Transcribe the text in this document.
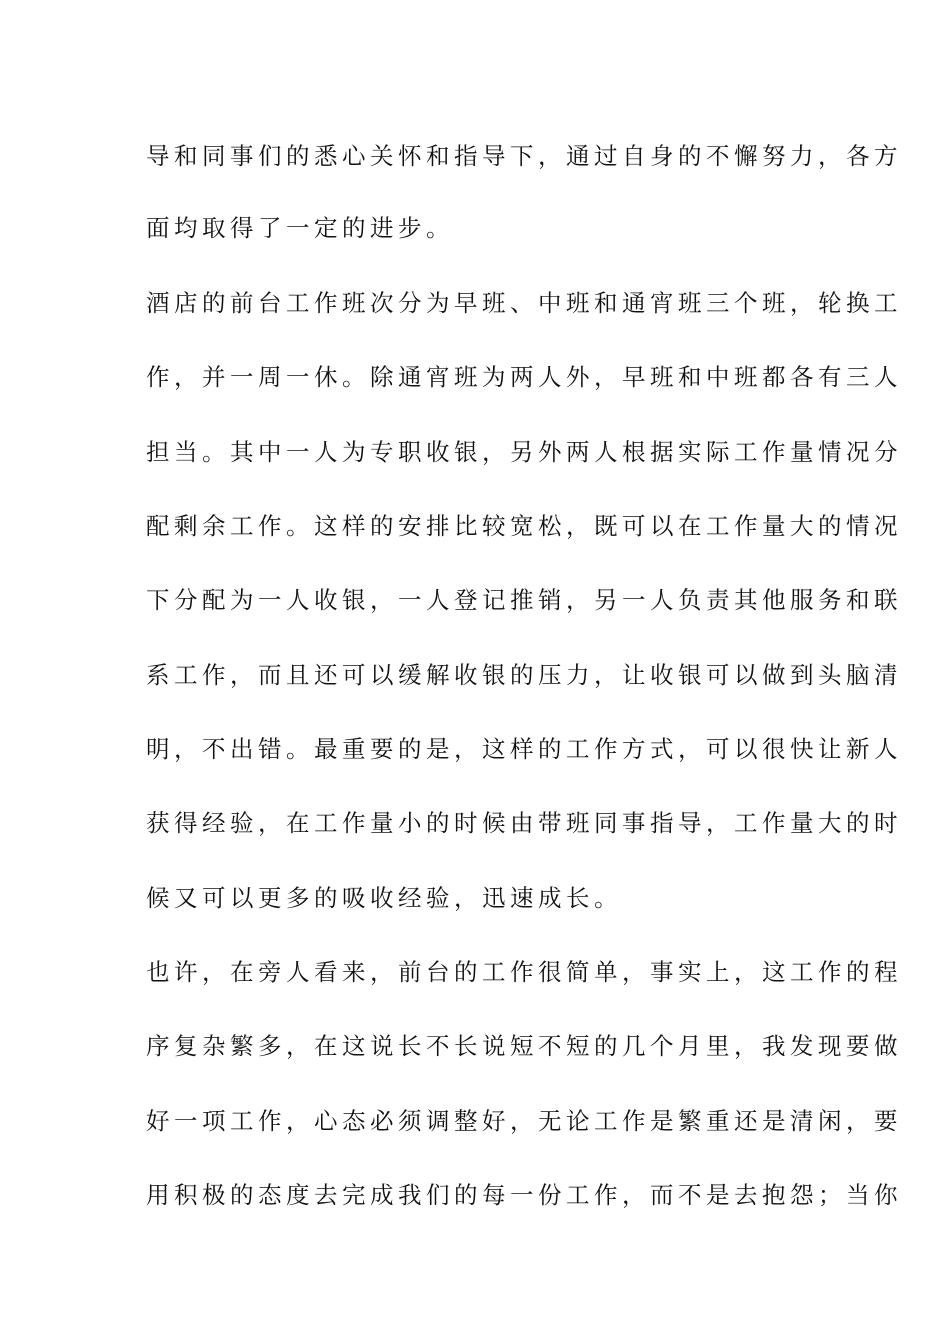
导和同事们的悉心关怀和指导下，通过自身的不懈努力，各方
面均取得了一定的进步。
酒店的前台工作班次分为早班、中班和通宵班三个班，轮换工
作，并一周一休。除通宵班为两人外，早班和中班都各有三人
担当。其中一人为专职收银，另外两人根据实际工作量情况分
配剩余工作。这样的安排比较宽松，既可以在工作量大的情况
下分配为一人收银，一人登记推销，另一人负责其他服务和联
系工作，而且还可以缓解收银的压力，让收银可以做到头脑清
明，不出错。最重要的是，这样的工作方式，可以很快让新人
获得经验，在工作量小的时候由带班同事指导，工作量大的时
候又可以更多的吸收经验，迅速成长。
也许，在旁人看来，前台的工作很简单，事实上，这工作的程
序复杂繁多，在这说长不长说短不短的几个月里，我发现要做
好一项工作，心态必须调整好，无论工作是繁重还是清闲，要
用积极的态度去完成我们的每一份工作，而不是去抱怨；当你
